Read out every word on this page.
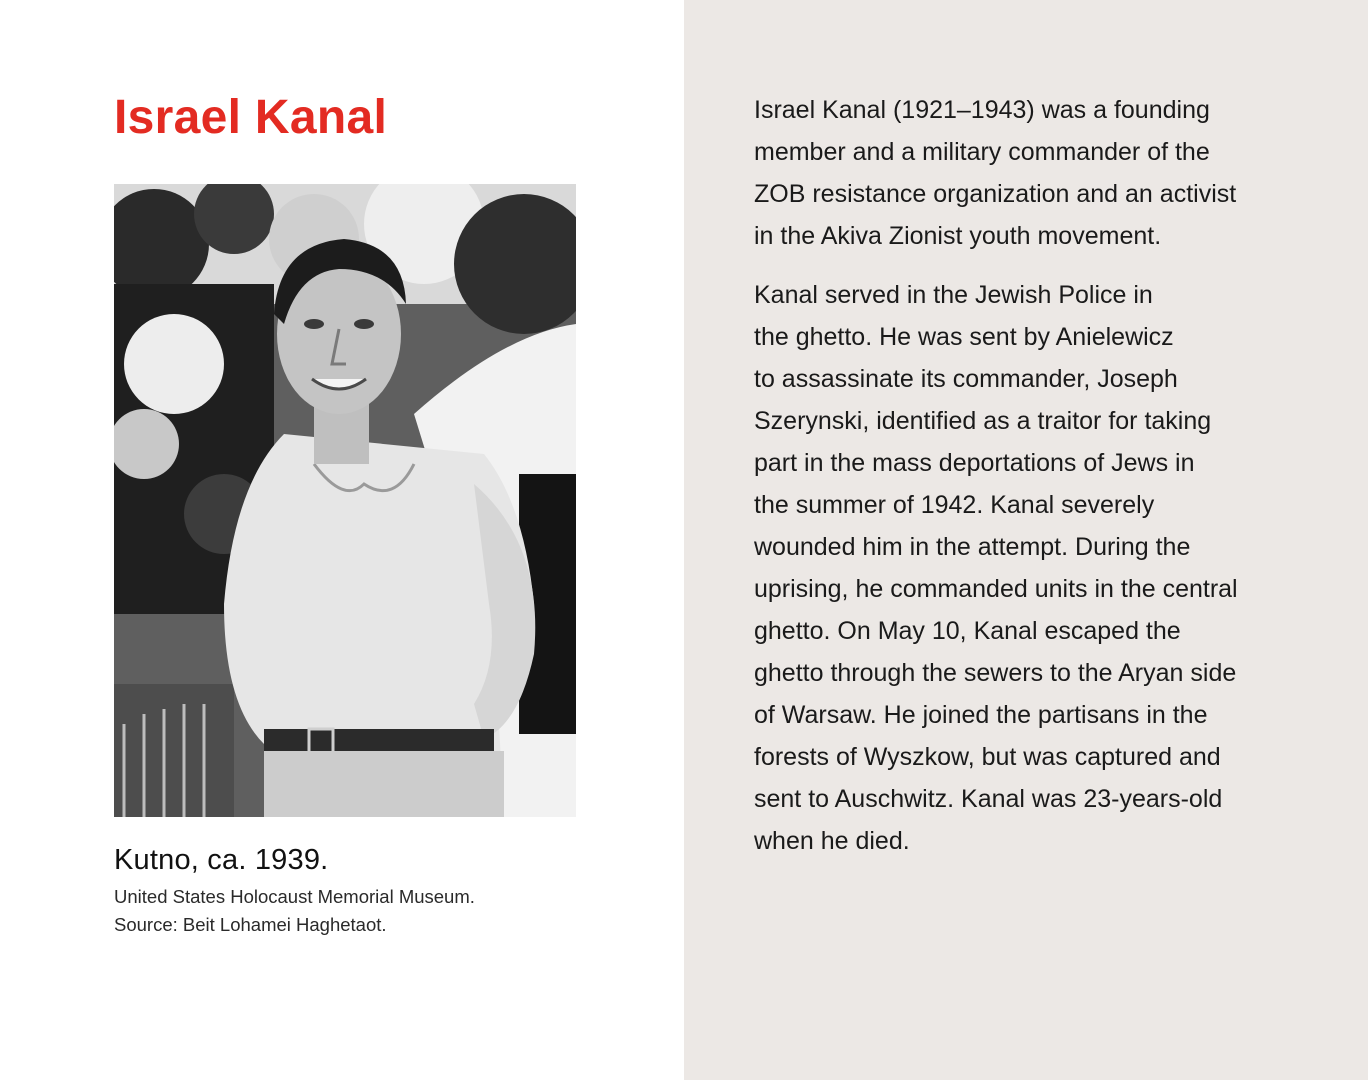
Israel Kanal

Kutno, ca. 1939.

United States Holocaust Memorial Museum.
Source: Beit Lohamei Haghetaot.

Israel Kanal (1921–1943) was a founding
member and a military commander of the
ZOB resistance organization and an activist
in the Akiva Zionist youth movement.

Kanal served in the Jewish Police in
the ghetto. He was sent by Anielewicz
to assassinate its commander, Joseph
Szerynski, identified as a traitor for taking
part in the mass deportations of Jews in
the summer of 1942. Kanal severely
wounded him in the attempt. During the
uprising, he commanded units in the central
ghetto. On May 10, Kanal escaped the
ghetto through the sewers to the Aryan side
of Warsaw. He joined the partisans in the
forests of Wyszkow, but was captured and
sent to Auschwitz. Kanal was 23-years-old
when he died.
